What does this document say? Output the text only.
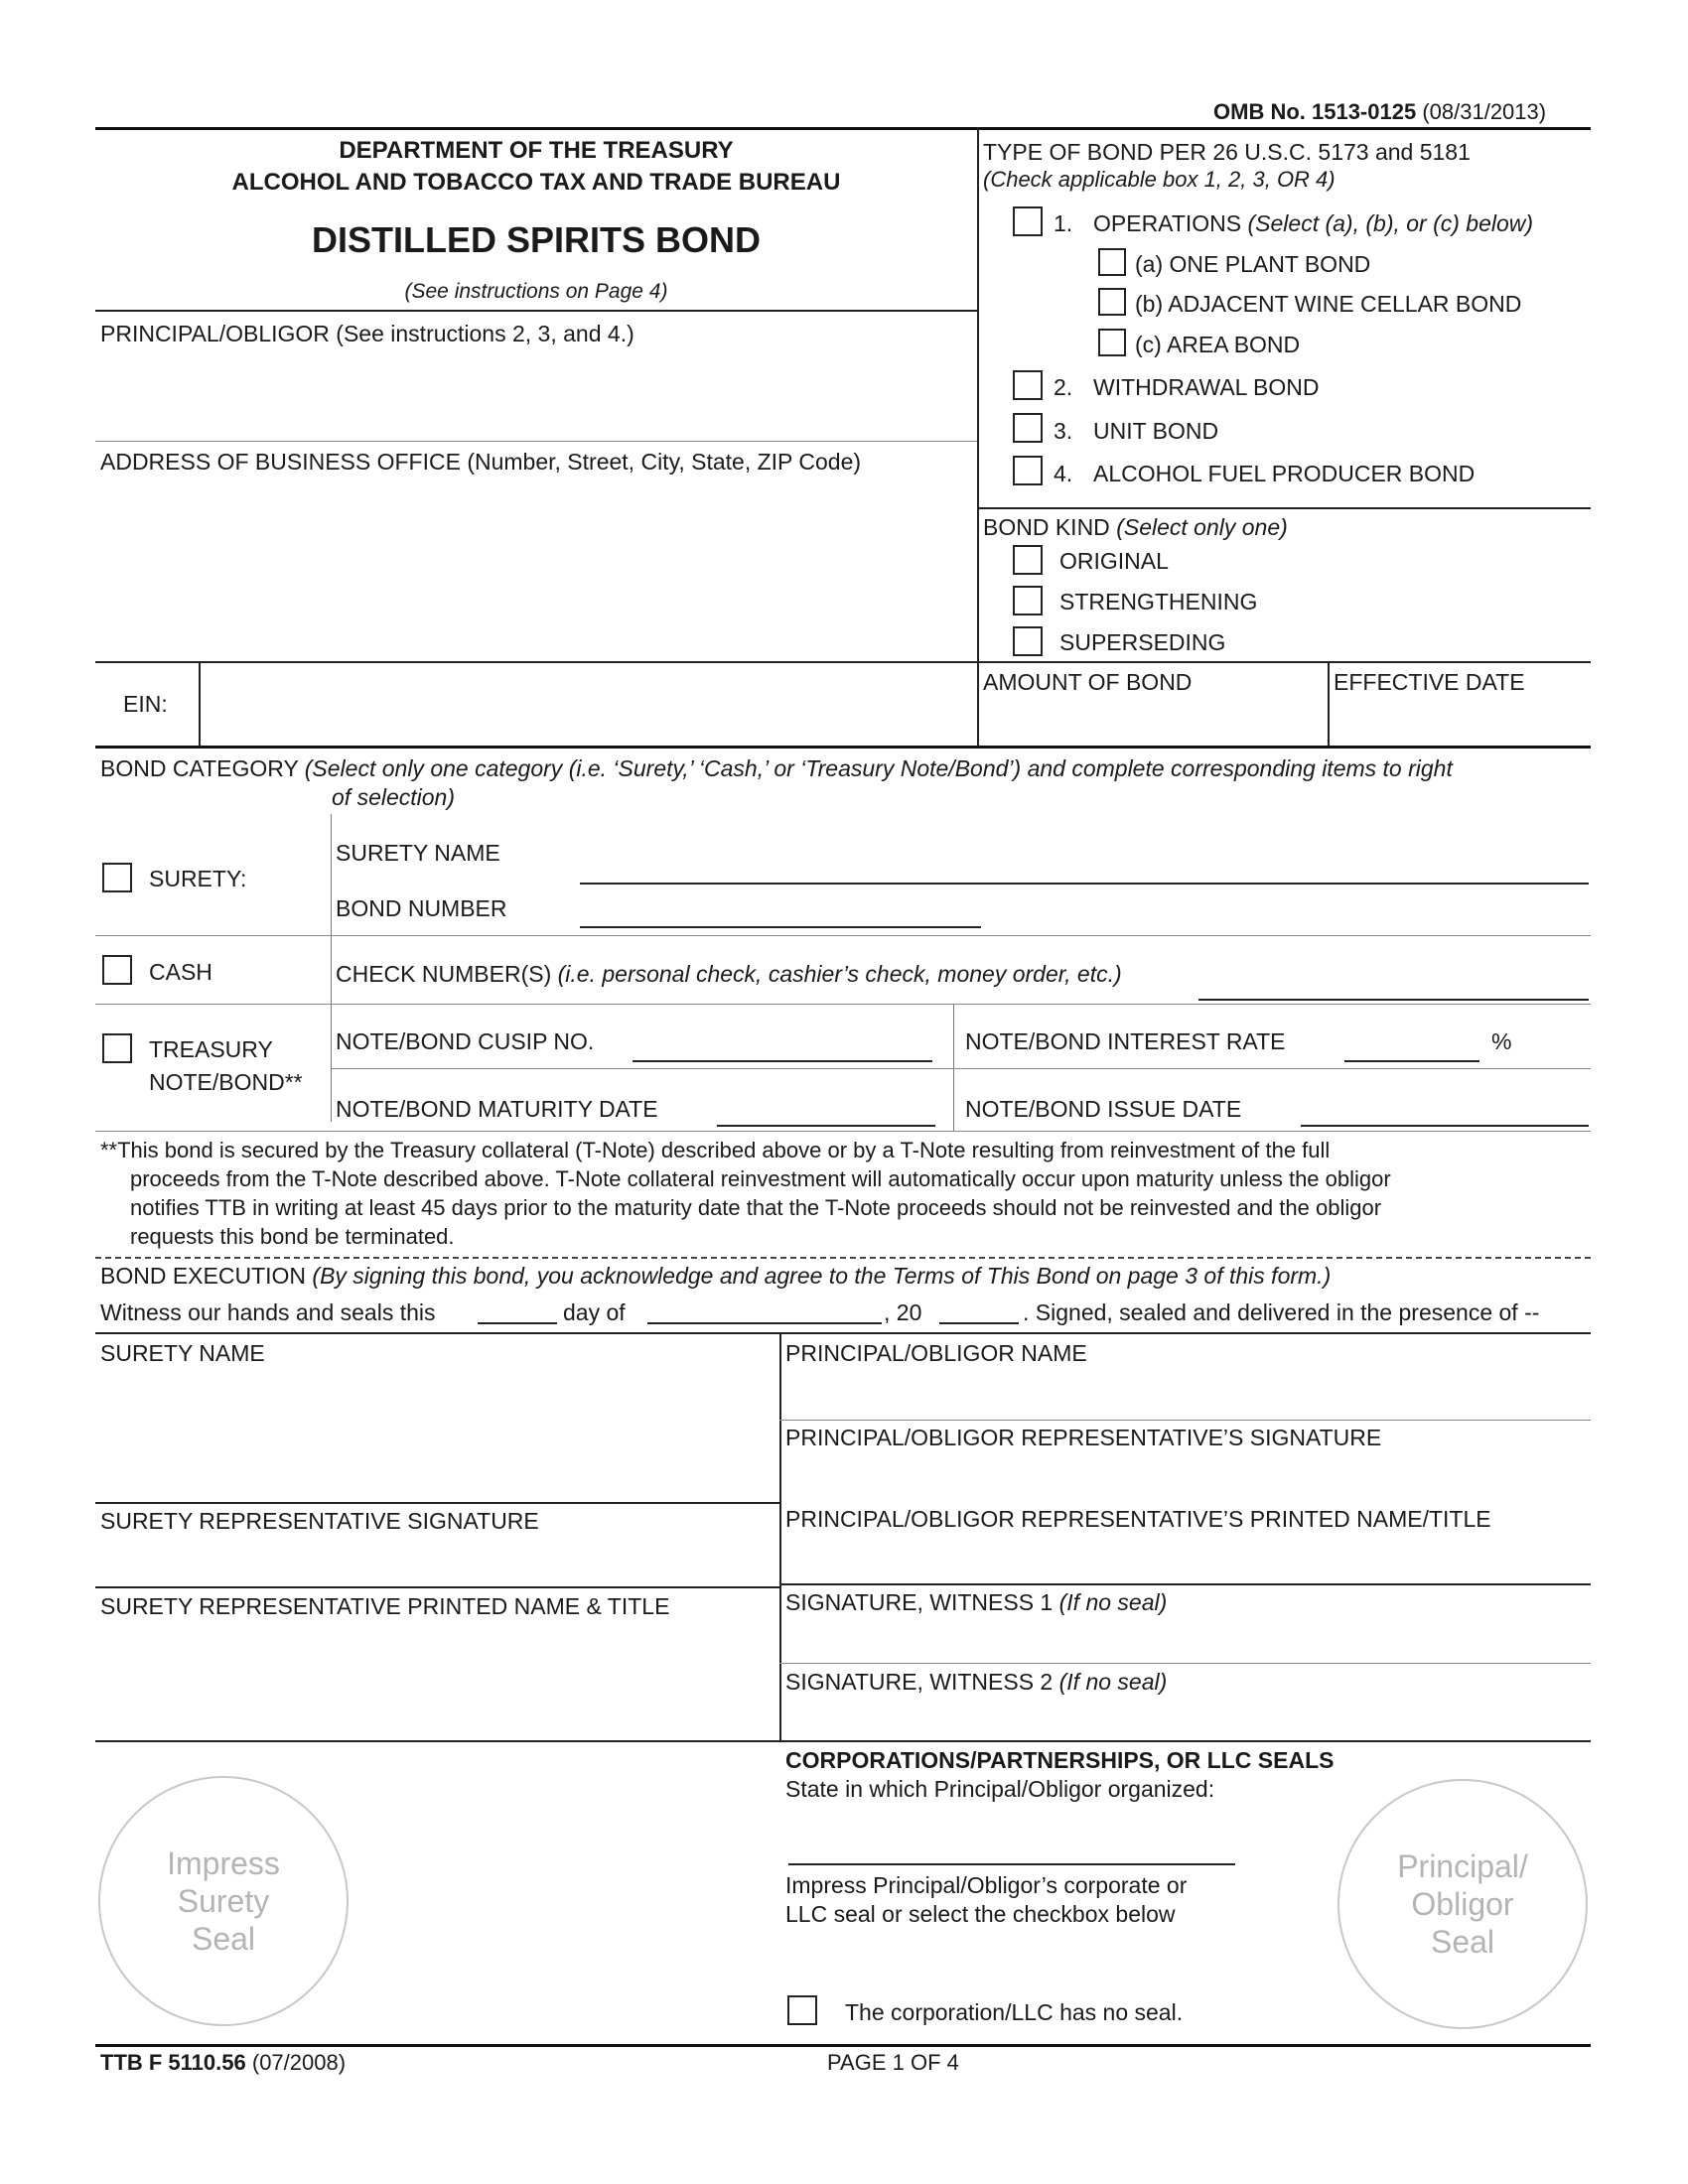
OMB No. 1513-0125 (08/31/2013)
DEPARTMENT OF THE TREASURY
ALCOHOL AND TOBACCO TAX AND TRADE BUREAU
DISTILLED SPIRITS BOND
(See instructions on Page 4)
PRINCIPAL/OBLIGOR (See instructions 2, 3, and 4.)
ADDRESS OF BUSINESS OFFICE (Number, Street, City, State, ZIP Code)
TYPE OF BOND PER 26 U.S.C. 5173 and 5181
(Check applicable box 1, 2, 3, OR 4)
1. OPERATIONS (Select (a), (b), or (c) below)
(a) ONE PLANT BOND
(b) ADJACENT WINE CELLAR BOND
(c) AREA BOND
2. WITHDRAWAL BOND
3. UNIT BOND
4. ALCOHOL FUEL PRODUCER BOND
BOND KIND (Select only one)
ORIGINAL
STRENGTHENING
SUPERSEDING
EIN:
AMOUNT OF BOND	EFFECTIVE DATE
BOND CATEGORY (Select only one category (i.e. ‘Surety,’ ‘Cash,’ or ‘Treasury Note/Bond’) and complete corresponding items to right
of selection)
SURETY:
SURETY NAME
BOND NUMBER
CASH	CHECK NUMBER(S) (i.e. personal check, cashier’s check, money order, etc.)
TREASURY
NOTE/BOND**
NOTE/BOND CUSIP NO.	NOTE/BOND INTEREST RATE	%
NOTE/BOND MATURITY DATE	NOTE/BOND ISSUE DATE
**This bond is secured by the Treasury collateral (T-Note) described above or by a T-Note resulting from reinvestment of the full
proceeds from the T-Note described above. T-Note collateral reinvestment will automatically occur upon maturity unless the obligor
notifies TTB in writing at least 45 days prior to the maturity date that the T-Note proceeds should not be reinvested and the obligor
requests this bond be terminated.
BOND EXECUTION (By signing this bond, you acknowledge and agree to the Terms of This Bond on page 3 of this form.)
Witness our hands and seals this	day of	, 20	. Signed, sealed and delivered in the presence of --
SURETY NAME
SURETY REPRESENTATIVE SIGNATURE
SURETY REPRESENTATIVE PRINTED NAME & TITLE
PRINCIPAL/OBLIGOR NAME
PRINCIPAL/OBLIGOR REPRESENTATIVE’S SIGNATURE
PRINCIPAL/OBLIGOR REPRESENTATIVE’S PRINTED NAME/TITLE
SIGNATURE, WITNESS 1 (If no seal)
SIGNATURE, WITNESS 2 (If no seal)
Impress
Surety
Seal
CORPORATIONS/PARTNERSHIPS, OR LLC SEALS
State in which Principal/Obligor organized:
Impress Principal/Obligor’s corporate or
LLC seal or select the checkbox below
The corporation/LLC has no seal.
Principal/
Obligor
Seal
TTB F 5110.56 (07/2008)	PAGE 1 OF 4
